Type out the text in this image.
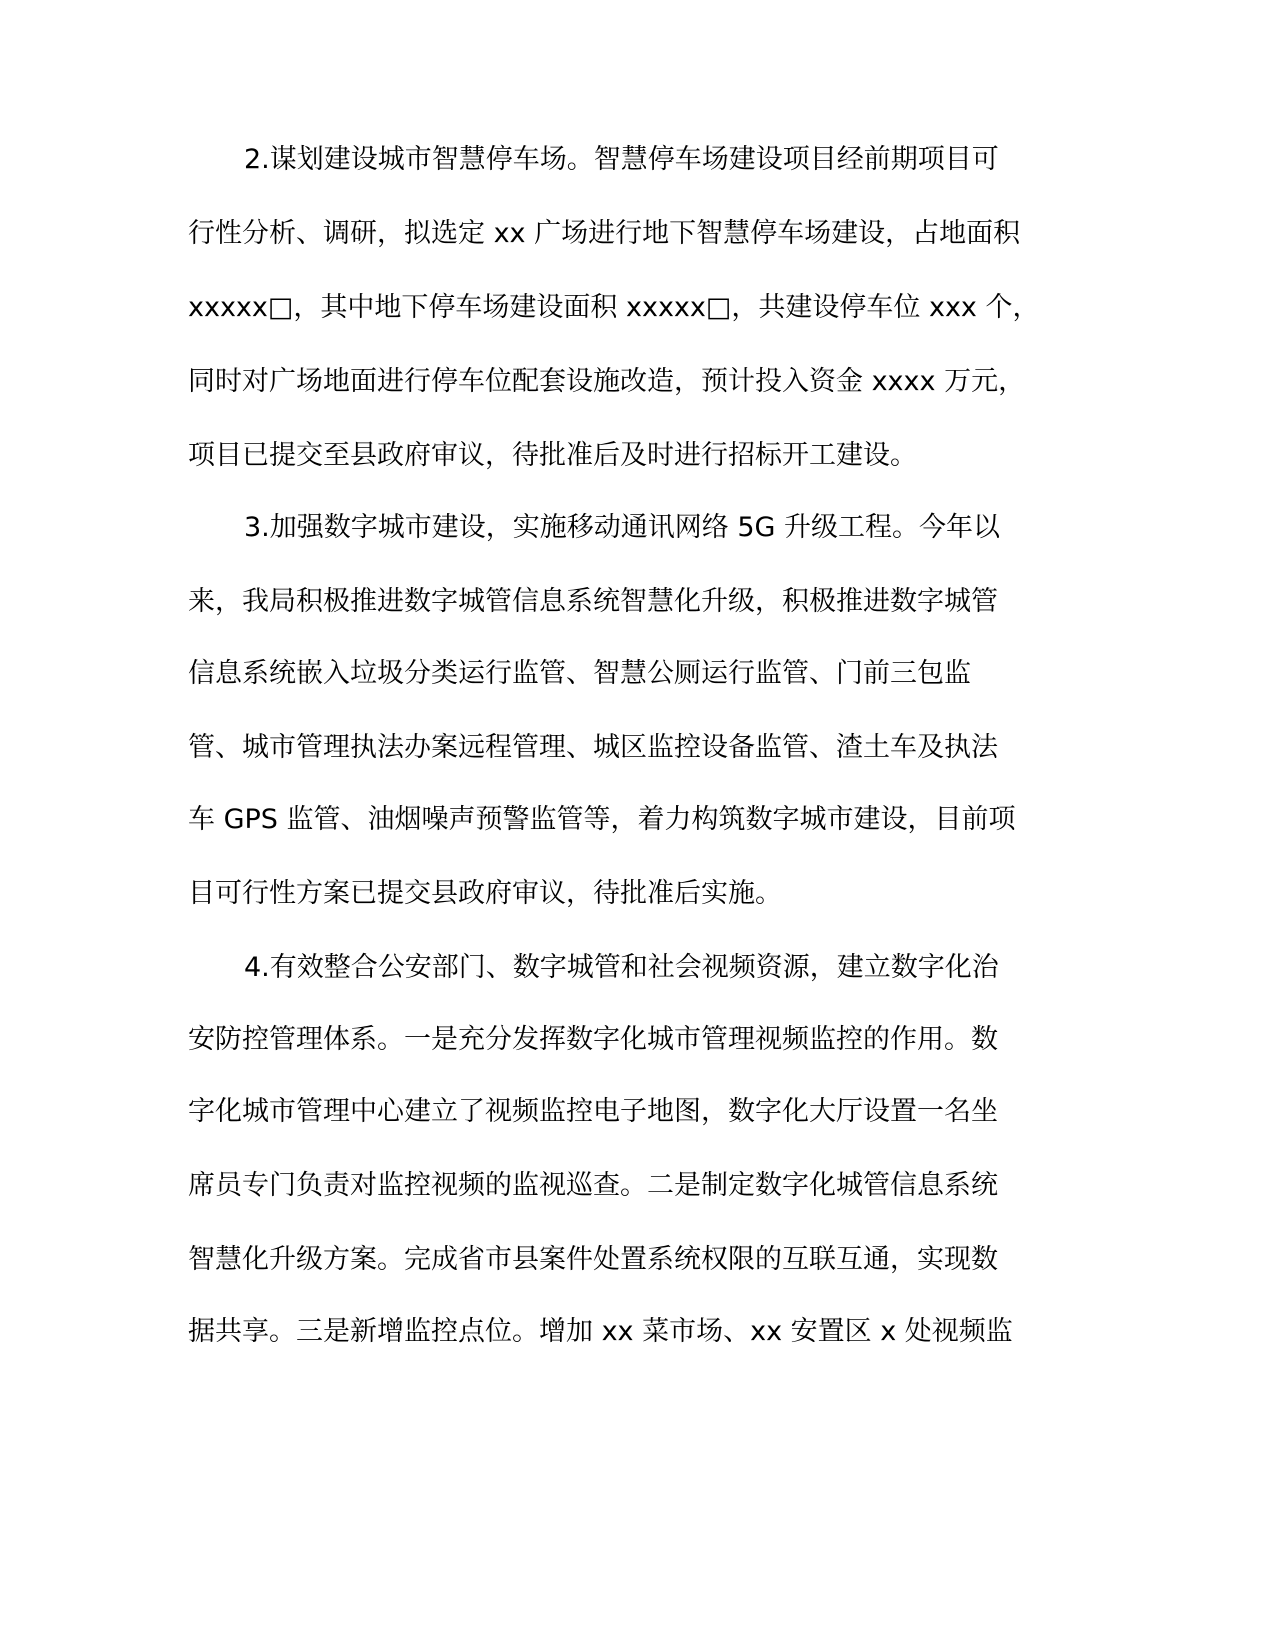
2.谋划建设城市智慧停车场。智慧停车场建设项目经前期项目可
行性分析、调研，拟选定 xx 广场进行地下智慧停车场建设，占地面积
xxxxx□，其中地下停车场建设面积 xxxxx□，共建设停车位 xxx 个，
同时对广场地面进行停车位配套设施改造，预计投入资金 xxxx 万元，
项目已提交至县政府审议，待批准后及时进行招标开工建设。
3.加强数字城市建设，实施移动通讯网络 5G 升级工程。今年以
来，我局积极推进数字城管信息系统智慧化升级，积极推进数字城管
信息系统嵌入垃圾分类运行监管、智慧公厕运行监管、门前三包监
管、城市管理执法办案远程管理、城区监控设备监管、渣土车及执法
车 GPS 监管、油烟噪声预警监管等，着力构筑数字城市建设，目前项
目可行性方案已提交县政府审议，待批准后实施。
4.有效整合公安部门、数字城管和社会视频资源，建立数字化治
安防控管理体系。一是充分发挥数字化城市管理视频监控的作用。数
字化城市管理中心建立了视频监控电子地图，数字化大厅设置一名坐
席员专门负责对监控视频的监视巡查。二是制定数字化城管信息系统
智慧化升级方案。完成省市县案件处置系统权限的互联互通，实现数
据共享。三是新增监控点位。增加 xx 菜市场、xx 安置区 x 处视频监
